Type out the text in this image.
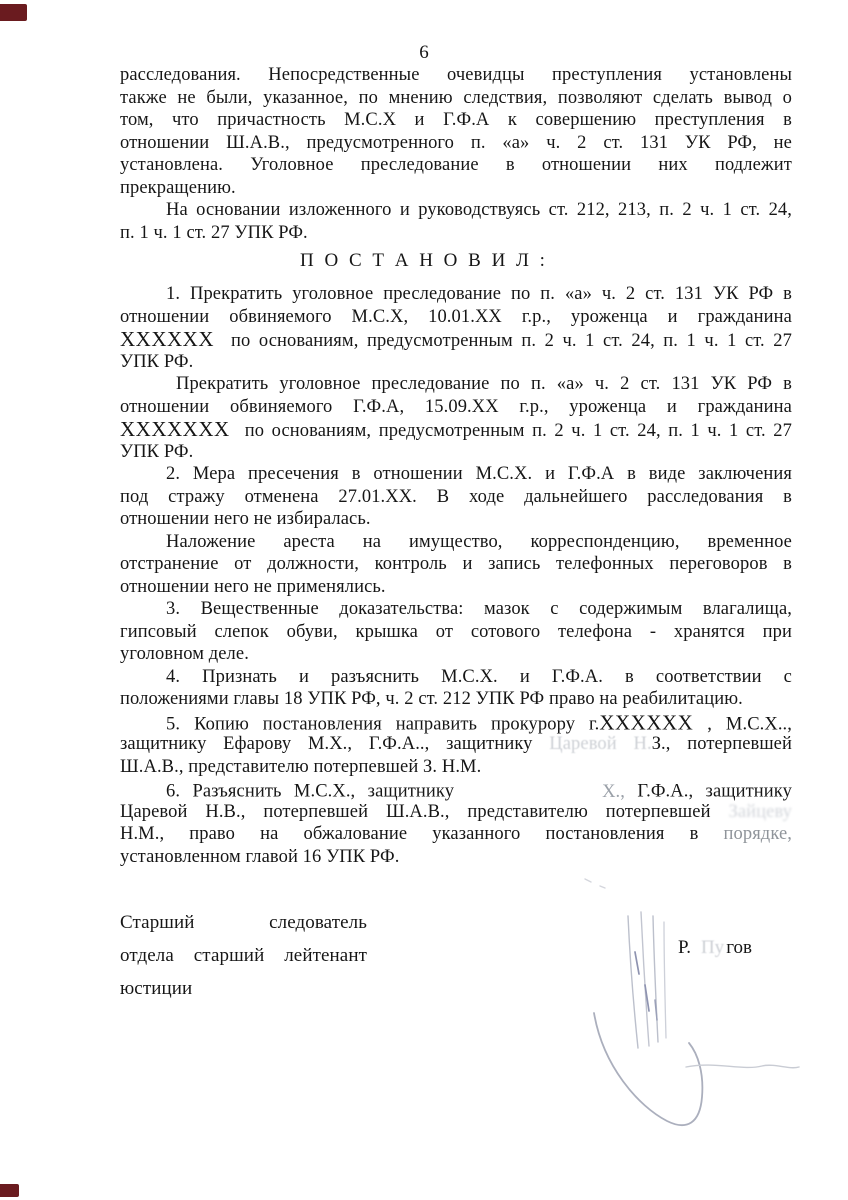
6
расследования. Непосредственные очевидцы преступления установлены
также не были, указанное, по мнению следствия, позволяют сделать вывод о
том, что причастность М.С.Х и Г.Ф.А к совершению преступления в
отношении Ш.А.В., предусмотренного п. «а» ч. 2 ст. 131 УК РФ, не
установлена. Уголовное преследование в отношении них подлежит
прекращению.
На основании изложенного и руководствуясь ст. 212, 213, п. 2 ч. 1 ст. 24,
п. 1 ч. 1 ст. 27 УПК РФ.
П О С Т А Н О В И Л :
1. Прекратить уголовное преследование по п. «а» ч. 2 ст. 131 УК РФ в
отношении обвиняемого М.С.Х, 10.01.ХХ г.р., уроженца и гражданина
ХХХХХХ  по основаниям, предусмотренным п. 2 ч. 1 ст. 24, п. 1 ч. 1 ст. 27
УПК РФ.
Прекратить уголовное преследование по п. «а» ч. 2 ст. 131 УК РФ в
отношении обвиняемого Г.Ф.А, 15.09.ХХ г.р., уроженца и гражданина
ХХХХХХХ  по основаниям, предусмотренным п. 2 ч. 1 ст. 24, п. 1 ч. 1 ст. 27
УПК РФ.
2. Мера пресечения в отношении М.С.Х. и Г.Ф.А в виде заключения
под стражу отменена 27.01.ХХ. В ходе дальнейшего расследования в
отношении него не избиралась.
Наложение ареста на имущество, корреспонденцию, временное
отстранение от должности, контроль и запись телефонных переговоров в
отношении него не применялись.
3. Вещественные доказательства: мазок с содержимым влагалища,
гипсовый слепок обуви, крышка от сотового телефона - хранятся при
уголовном деле.
4. Признать и разъяснить М.С.Х. и Г.Ф.А. в соответствии с
положениями главы 18 УПК РФ, ч. 2 ст. 212 УПК РФ право на реабилитацию.
5. Копию постановления направить прокурору г.ХХХХХХ , М.С.Х..,
защитнику Ефарову М.Х., Г.Ф.А.., защитнику Царевой Н.З., потерпевшей
Ш.А.В., представителю потерпевшей З. Н.М.
6. Разъяснить М.С.Х., защитнику	Х., Г.Ф.А., защитнику
Царевой Н.В., потерпевшей Ш.А.В., представителю потерпевшей Зайцеву
Н.М., право на обжалование указанного постановления в порядке,
установленном главой 16 УПК РФ.
Старший следователь
отдела старший лейтенант
юстиции
Р. Пу гов
